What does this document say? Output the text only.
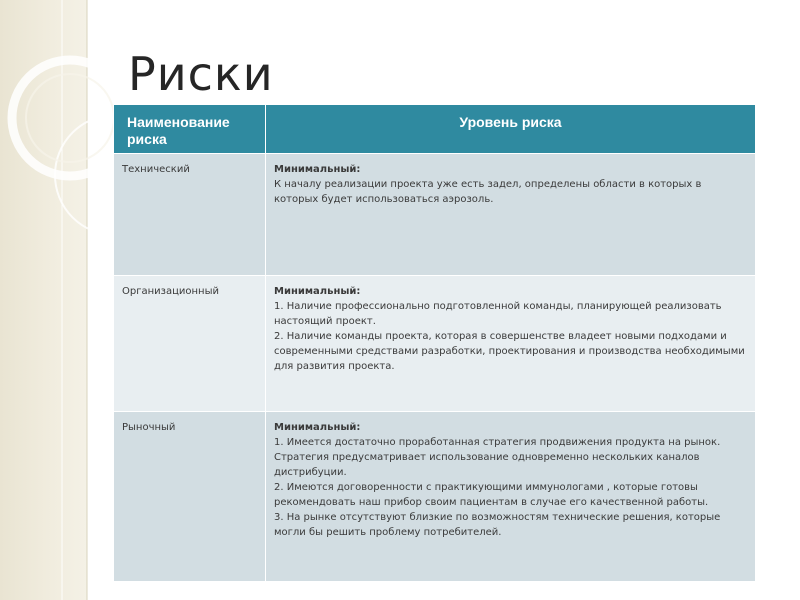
Риски
Наименование риска	Уровень риска
Технический	Минимальный:
К началу реализации проекта уже есть задел, определены области в которых в которых будет использоваться аэрозоль.

Организационный	Минимальный:
1. Наличие профессионально подготовленной команды, планирующей реализовать настоящий проект.
2. Наличие команды проекта, которая в совершенстве владеет новыми подходами и современными средствами разработки, проектирования и производства необходимыми для развития проекта.

Рыночный	Минимальный:
1. Имеется достаточно проработанная стратегия продвижения продукта на рынок. Стратегия предусматривает использование одновременно нескольких каналов дистрибуции.
2. Имеются договоренности с практикующими иммунологами , которые готовы рекомендовать наш прибор своим пациентам в случае его качественной работы.
3. На рынке отсутствуют близкие по возможностям технические решения, которые могли бы решить проблему потребителей.
